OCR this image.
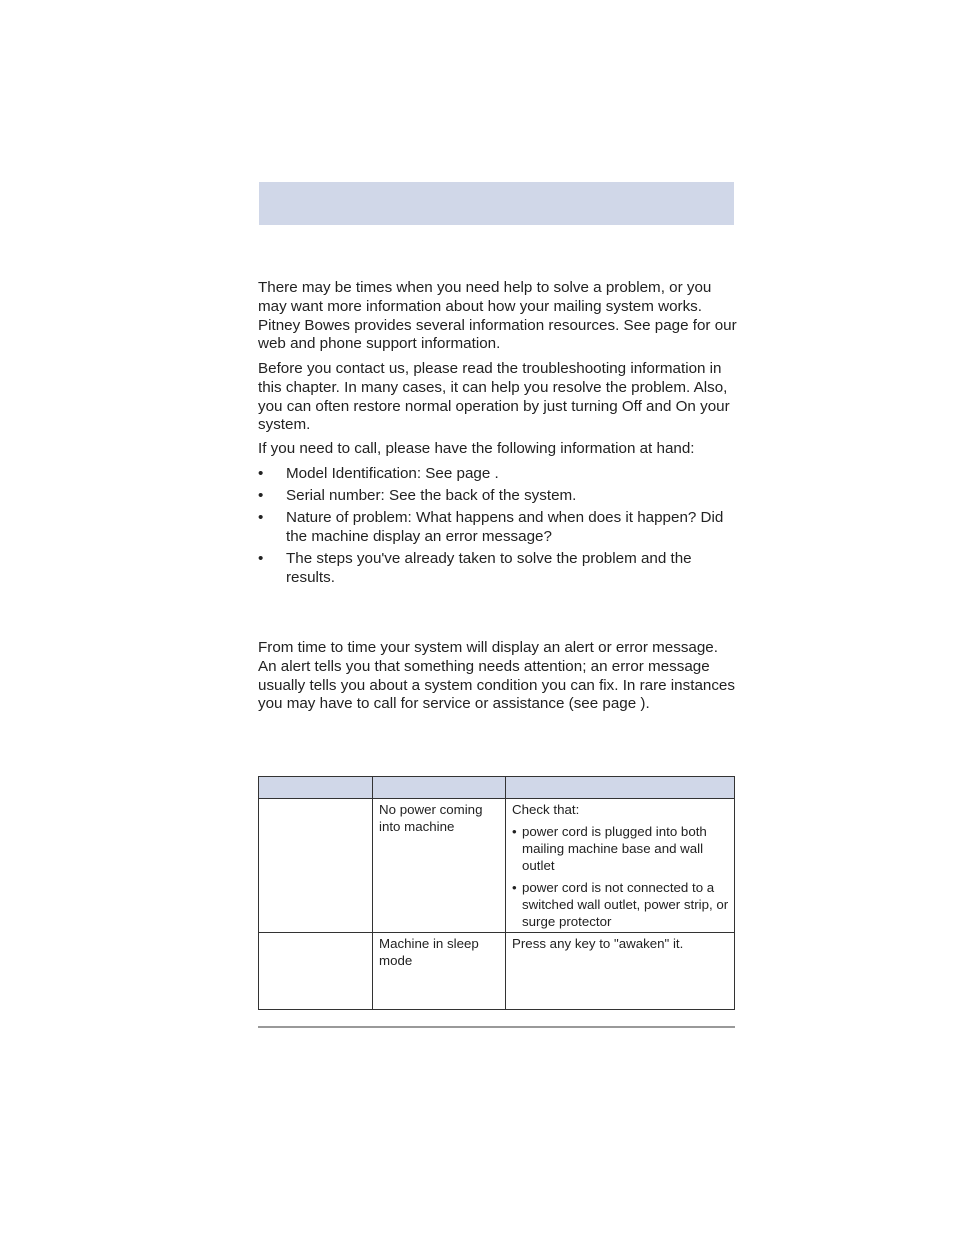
There may be times when you need help to solve a problem, or you may want more information about how your mailing system works. Pitney Bowes provides several information resources. See page for our web and phone support information.

Before you contact us, please read the troubleshooting information in this chapter. In many cases, it can help you resolve the problem. Also, you can often restore normal operation by just turning Off and On your system.

If you need to call, please have the following information at hand:

• Model Identification: See page .
• Serial number: See the back of the system.
• Nature of problem: What happens and when does it happen? Did the machine display an error message?
• The steps you've already taken to solve the problem and the results.

From time to time your system will display an alert or error message. An alert tells you that something needs attention; an error message usually tells you about a system condition you can fix. In rare instances you may have to call for service or assistance (see page ).

	No power coming into machine	Check that:
• power cord is plugged into both mailing machine base and wall outlet
• power cord is not connected to a switched wall outlet, power strip, or surge protector

	Machine in sleep mode	Press any key to "awaken" it.
